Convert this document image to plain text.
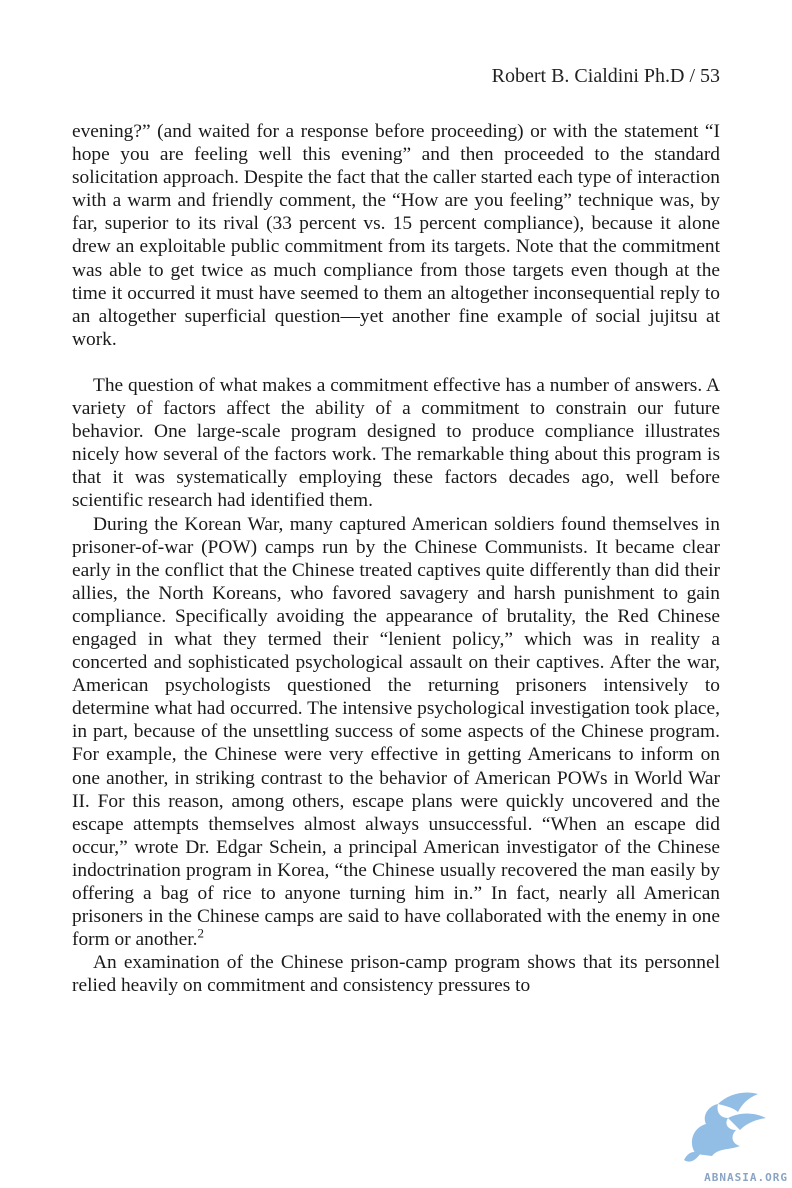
Robert B. Cialdini Ph.D / 53

evening?” (and waited for a response before proceeding) or with the statement “I hope you are feeling well this evening” and then proceeded to the standard solicitation approach. Despite the fact that the caller started each type of interaction with a warm and friendly comment, the “How are you feeling” technique was, by far, superior to its rival (33 percent vs. 15 percent compliance), because it alone drew an exploitable public commitment from its targets. Note that the commitment was able to get twice as much compliance from those targets even though at the time it occurred it must have seemed to them an altogether inconsequential reply to an altogether superficial question—yet another fine example of social jujitsu at work.

The question of what makes a commitment effective has a number of answers. A variety of factors affect the ability of a commitment to constrain our future behavior. One large-scale program designed to produce compliance illustrates nicely how several of the factors work. The remarkable thing about this program is that it was systematically employing these factors decades ago, well before scientific research had identified them.

During the Korean War, many captured American soldiers found themselves in prisoner-of-war (POW) camps run by the Chinese Communists. It became clear early in the conflict that the Chinese treated captives quite differently than did their allies, the North Koreans, who favored savagery and harsh punishment to gain compliance. Specifically avoiding the appearance of brutality, the Red Chinese engaged in what they termed their “lenient policy,” which was in reality a concerted and sophisticated psychological assault on their captives. After the war, American psychologists questioned the returning prisoners intensively to determine what had occurred. The intensive psychological investigation took place, in part, because of the unsettling success of some aspects of the Chinese program. For example, the Chinese were very effective in getting Americans to inform on one another, in striking contrast to the behavior of American POWs in World War II. For this reason, among others, escape plans were quickly uncovered and the escape attempts themselves almost always unsuccessful. “When an escape did occur,” wrote Dr. Edgar Schein, a principal American investigator of the Chinese indoctrination program in Korea, “the Chinese usually recovered the man easily by offering a bag of rice to anyone turning him in.” In fact, nearly all American prisoners in the Chinese camps are said to have collaborated with the enemy in one form or another.$^2$

An examination of the Chinese prison-camp program shows that its personnel relied heavily on commitment and consistency pressures to

ABNASIA.ORG
